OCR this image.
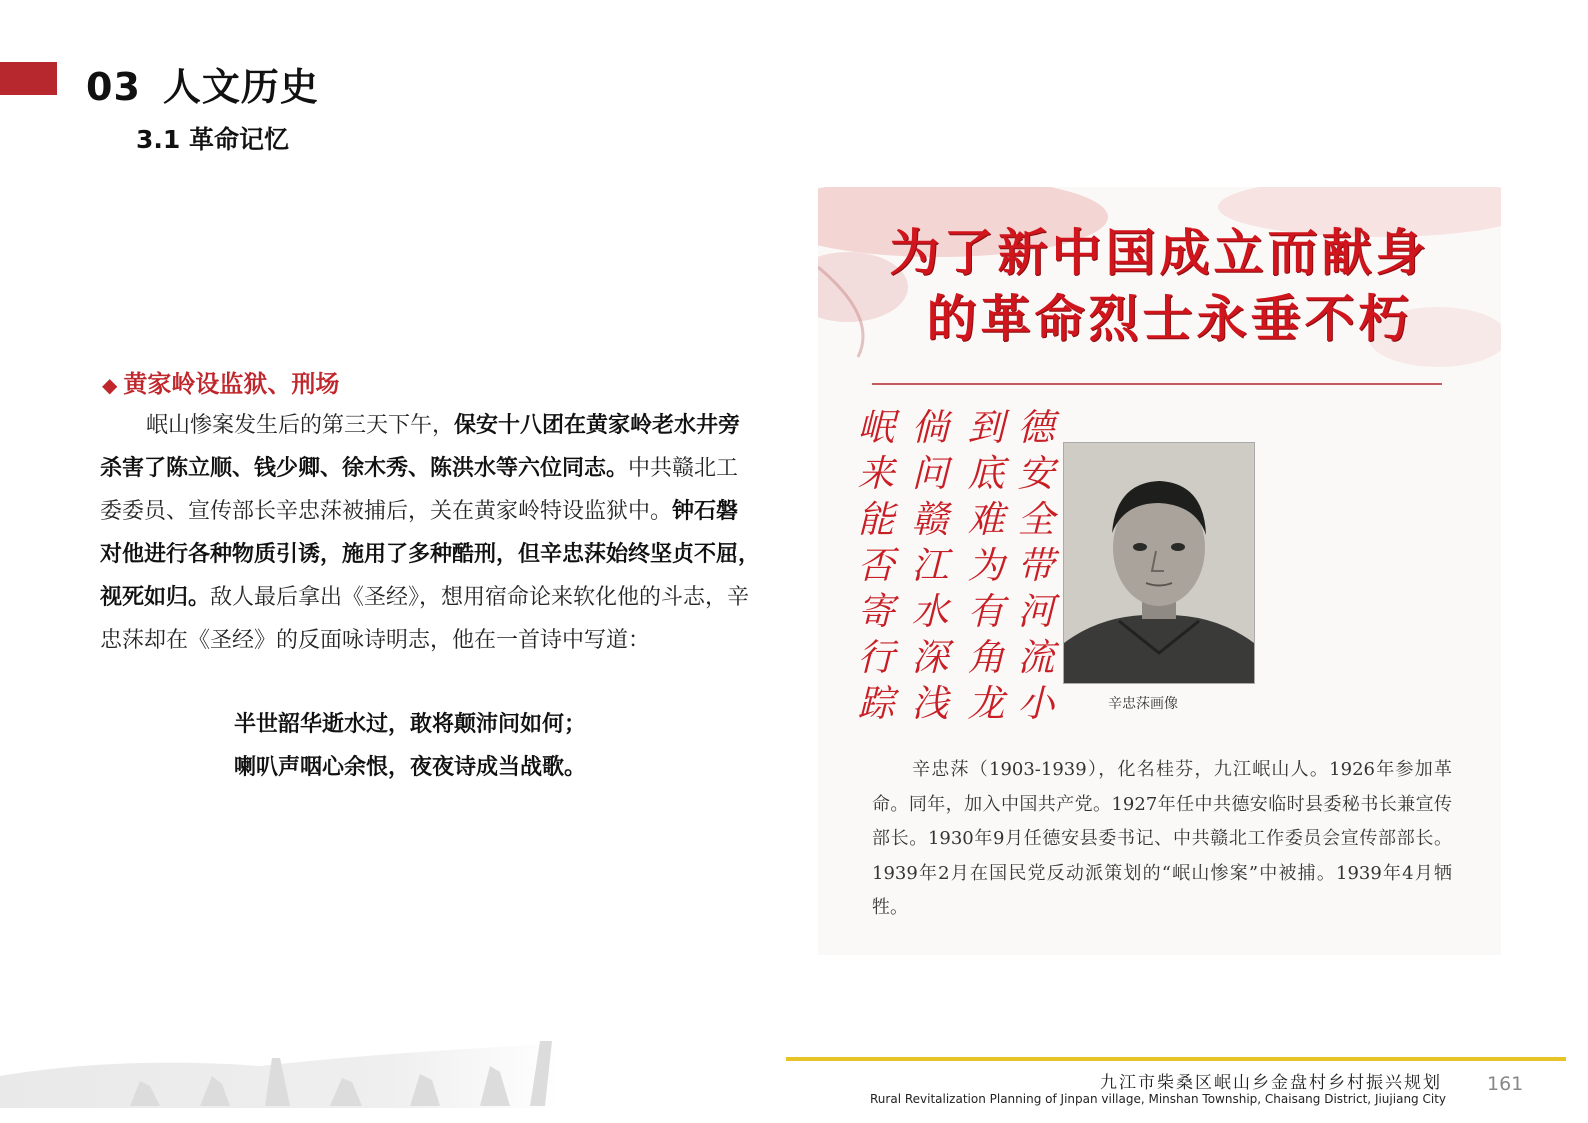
03 人文历史
3.1 革命记忆
◆ 黄家岭设监狱、刑场

岷山惨案发生后的第三天下午，保安十八团在黄家岭老水井旁杀害了陈立顺、钱少卿、徐木秀、陈洪水等六位同志。中共赣北工委委员、宣传部长辛忠莯被捕后，关在黄家岭特设监狱中。钟石磐对他进行各种物质引诱，施用了多种酷刑，但辛忠莯始终坚贞不屈，视死如归。敌人最后拿出《圣经》，想用宿命论来软化他的斗志，辛忠莯却在《圣经》的反面咏诗明志，他在一首诗中写道：

半世韶华逝水过，敢将颠沛问如何；
喇叭声咽心余恨，夜夜诗成当战歌。
为了新中国成立而献身
的革命烈士永垂不朽
德安全带河流小
到底难为有角龙
倘问赣江水深浅
岷来能否寄行踪	辛忠莯画像

辛忠莯（1903-1939），化名桂芬，九江岷山人。1926年参加革命。同年，加入中国共产党。1927年任中共德安临时县委秘书长兼宣传部长。1930年9月任德安县委书记、中共赣北工作委员会宣传部部长。1939年2月在国民党反动派策划的“岷山惨案”中被捕。1939年4月牺牲。

九江市柴桑区岷山乡金盘村乡村振兴规划
Rural Revitalization Planning of Jinpan village, Minshan Township, Chaisang District, Jiujiang City
161
